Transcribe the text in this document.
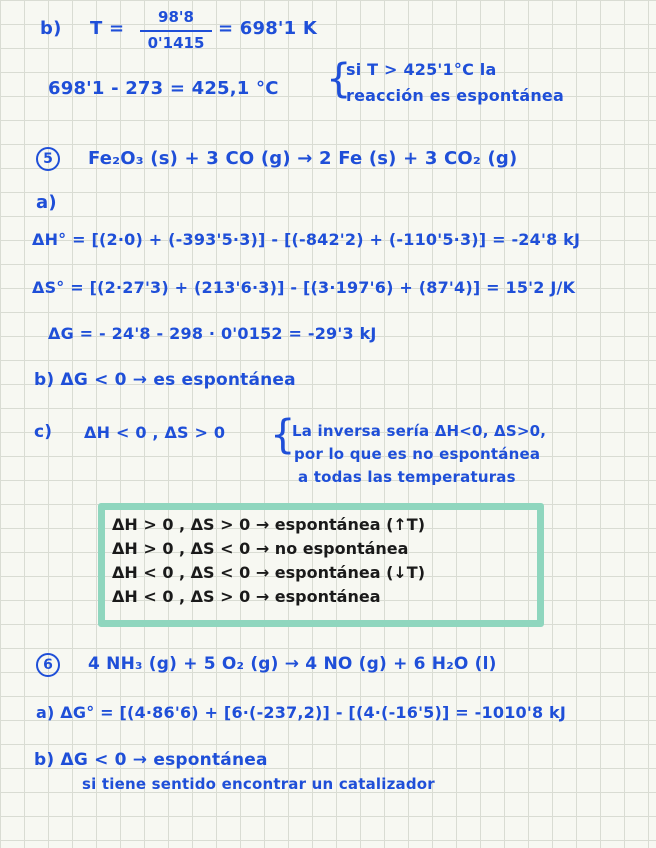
b) T =
98'8
0'1415
= 698'1 K
698'1 - 273 = 425,1 °C {
si T > 425'1°C la
reacción es espontánea
5	Fe₂O₃ (s) + 3 CO (g) → 2 Fe (s) + 3 CO₂ (g)
a)
ΔH° = [(2·0) + (-393'5·3)] - [(-842'2) + (-110'5·3)] = -24'8 kJ
ΔS° = [(2·27'3) + (213'6·3)] - [(3·197'6) + (87'4)] = 15'2 J/K
ΔG = - 24'8 - 298 · 0'0152 = -29'3 kJ
b) ΔG < 0 → es espontánea
c) ΔH < 0 , ΔS > 0 {
La inversa sería ΔH<0, ΔS>0,
por lo que es no espontánea
a todas las temperaturas
ΔH > 0 , ΔS > 0 → espontánea (↑T)
ΔH > 0 , ΔS < 0 → no espontánea
ΔH < 0 , ΔS < 0 → espontánea (↓T)
ΔH < 0 , ΔS > 0 → espontánea
6	4 NH₃ (g) + 5 O₂ (g) → 4 NO (g) + 6 H₂O (l)
a) ΔG° = [(4·86'6) + [6·(-237,2)] - [(4·(-16'5)] = -1010'8 kJ
b) ΔG < 0 → espontánea
si tiene sentido encontrar un catalizador
